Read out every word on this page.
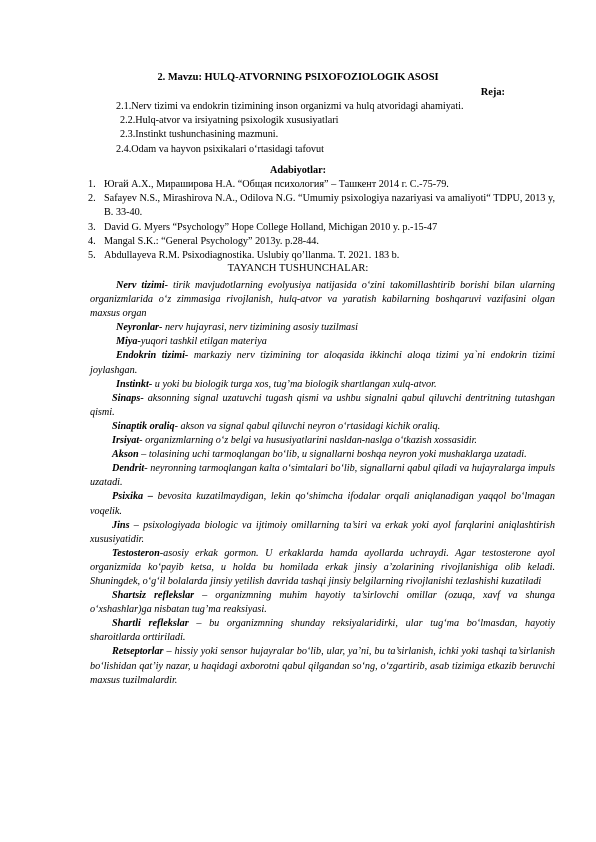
2. Mavzu: HULQ-ATVORNING PSIXOFOZIOLOGIK ASOSI
Reja:
2.1.Nerv tizimi va endokrin tizimining inson organizmi va hulq atvoridagi ahamiyati.
2.2.Hulq-atvor va irsiyatning psixologik xususiyatlari
2.3.Instinkt tushunchasining mazmuni.
2.4.Odam va hayvon psixikalari o‘rtasidagi tafovut
Adabiyotlar:
1. Югай А.Х., Мираширова Н.А. “Общая психология” – Ташкент 2014 г. С.-75-79.
2. Safayev N.S., Mirashirova N.A., Odilova N.G. “Umumiy psixologiya nazariyasi va amaliyoti“ TDPU, 2013 y, B. 33-40.
3. David G. Myers “Psychology” Hope College Holland, Michigan 2010 y. p.-15-47
4. Mangal S.K.: “General Psychology” 2013y. p.28-44.
5. Abdullayeva R.M. Psixodiagnostika. Uslubiy qo’llanma. T. 2021. 183 b.
TAYANCH TUSHUNCHALAR:

Nerv tizimi- tirik mavjudotlarning evolyusiya natijasida o‘zini takomillashtirib borishi bilan ularning organizmlarida o‘z zimmasiga rivojlanish, hulq-atvor va yaratish kabilarning boshqaruvi vazifasini olgan maxsus organ

Neyronlar- nerv hujayrasi, nerv tizimining asosiy tuzilmasi

Miya-yuqori tashkil etilgan materiya

Endokrin tizimi- markaziy nerv tizimining tor aloqasida ikkinchi aloqa tizimi ya`ni endokrin tizimi joylashgan.

Instinkt- u yoki bu biologik turga xos, tug’ma biologik shartlangan xulq-atvor.

Sinaps- aksonning signal uzatuvchi tugash qismi va ushbu signalni qabul qiluvchi dentritning tutashgan qismi.

Sinaptik oraliq- akson va signal qabul qiluvchi neyron o‘rtasidagi kichik oraliq.

Irsiyat- organizmlarning o‘z belgi va hususiyatlarini nasldan-naslga o‘tkazish xossasidir.

Akson – tolasining uchi tarmoqlangan bo‘lib, u signallarni boshqa neyron yoki mushaklarga uzatadi.

Dendrit- neyronning tarmoqlangan kalta o‘simtalari bo‘lib, signallarni qabul qiladi va hujayralarga impuls uzatadi.

Psixika – bevosita kuzatilmaydigan, lekin qo‘shimcha ifodalar orqali aniqlanadigan yaqqol bo‘lmagan voqelik.

Jins – psixologiyada biologic va ijtimoiy omillarning ta’siri va erkak yoki ayol farqlarini aniqlashtirish xususiyatidir.

Testosteron-asosiy erkak gormon. U erkaklarda hamda ayollarda uchraydi. Agar testosterone ayol organizmida ko‘payib ketsa, u holda bu homilada erkak jinsiy a’zolarining rivojlanishiga olib keladi. Shuningdek, o‘g‘il bolalarda jinsiy yetilish davrida tashqi jinsiy belgilarning rivojlanishi tezlashishi kuzatiladi

Shartsiz reflekslar – organizmning muhim hayotiy ta’sirlovchi omillar (ozuqa, xavf va shunga o‘xshashlar)ga nisbatan tug’ma reaksiyasi.

Shartli reflekslar – bu organizmning shunday reksiyalaridirki, ular tug‘ma bo‘lmasdan, hayotiy sharoitlarda orttiriladi.

Retseptorlar – hissiy yoki sensor hujayralar bo‘lib, ular, ya’ni, bu ta’sirlanish, ichki yoki tashqi ta’sirlanish bo‘lishidan qat’iy nazar, u haqidagi axborotni qabul qilgandan so‘ng, o‘zgartirib, asab tizimiga etkazib beruvchi maxsus tuzilmalardir.
